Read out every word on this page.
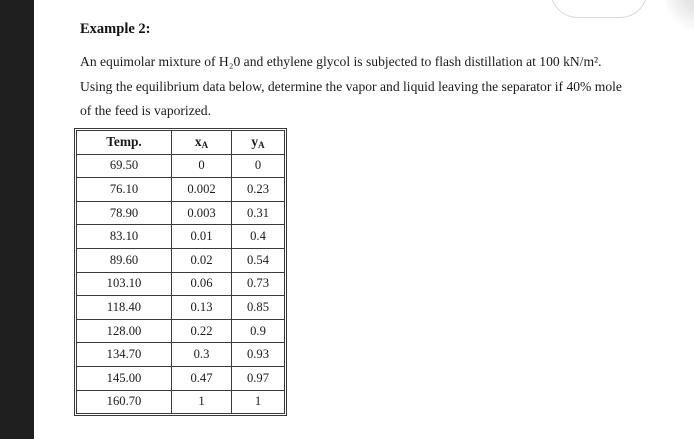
Example 2:
An equimolar mixture of H₂0 and ethylene glycol is subjected to flash distillation at 100 kN/m².
Using the equilibrium data below, determine the vapor and liquid leaving the separator if 40% mole
of the feed is vaporized.
Temp.	$x_A$	$y_A$
69.50	0	0
76.10	0.002	0.23
78.90	0.003	0.31
83.10	0.01	0.4
89.60	0.02	0.54
103.10	0.06	0.73
118.40	0.13	0.85
128.00	0.22	0.9
134.70	0.3	0.93
145.00	0.47	0.97
160.70	1	1
